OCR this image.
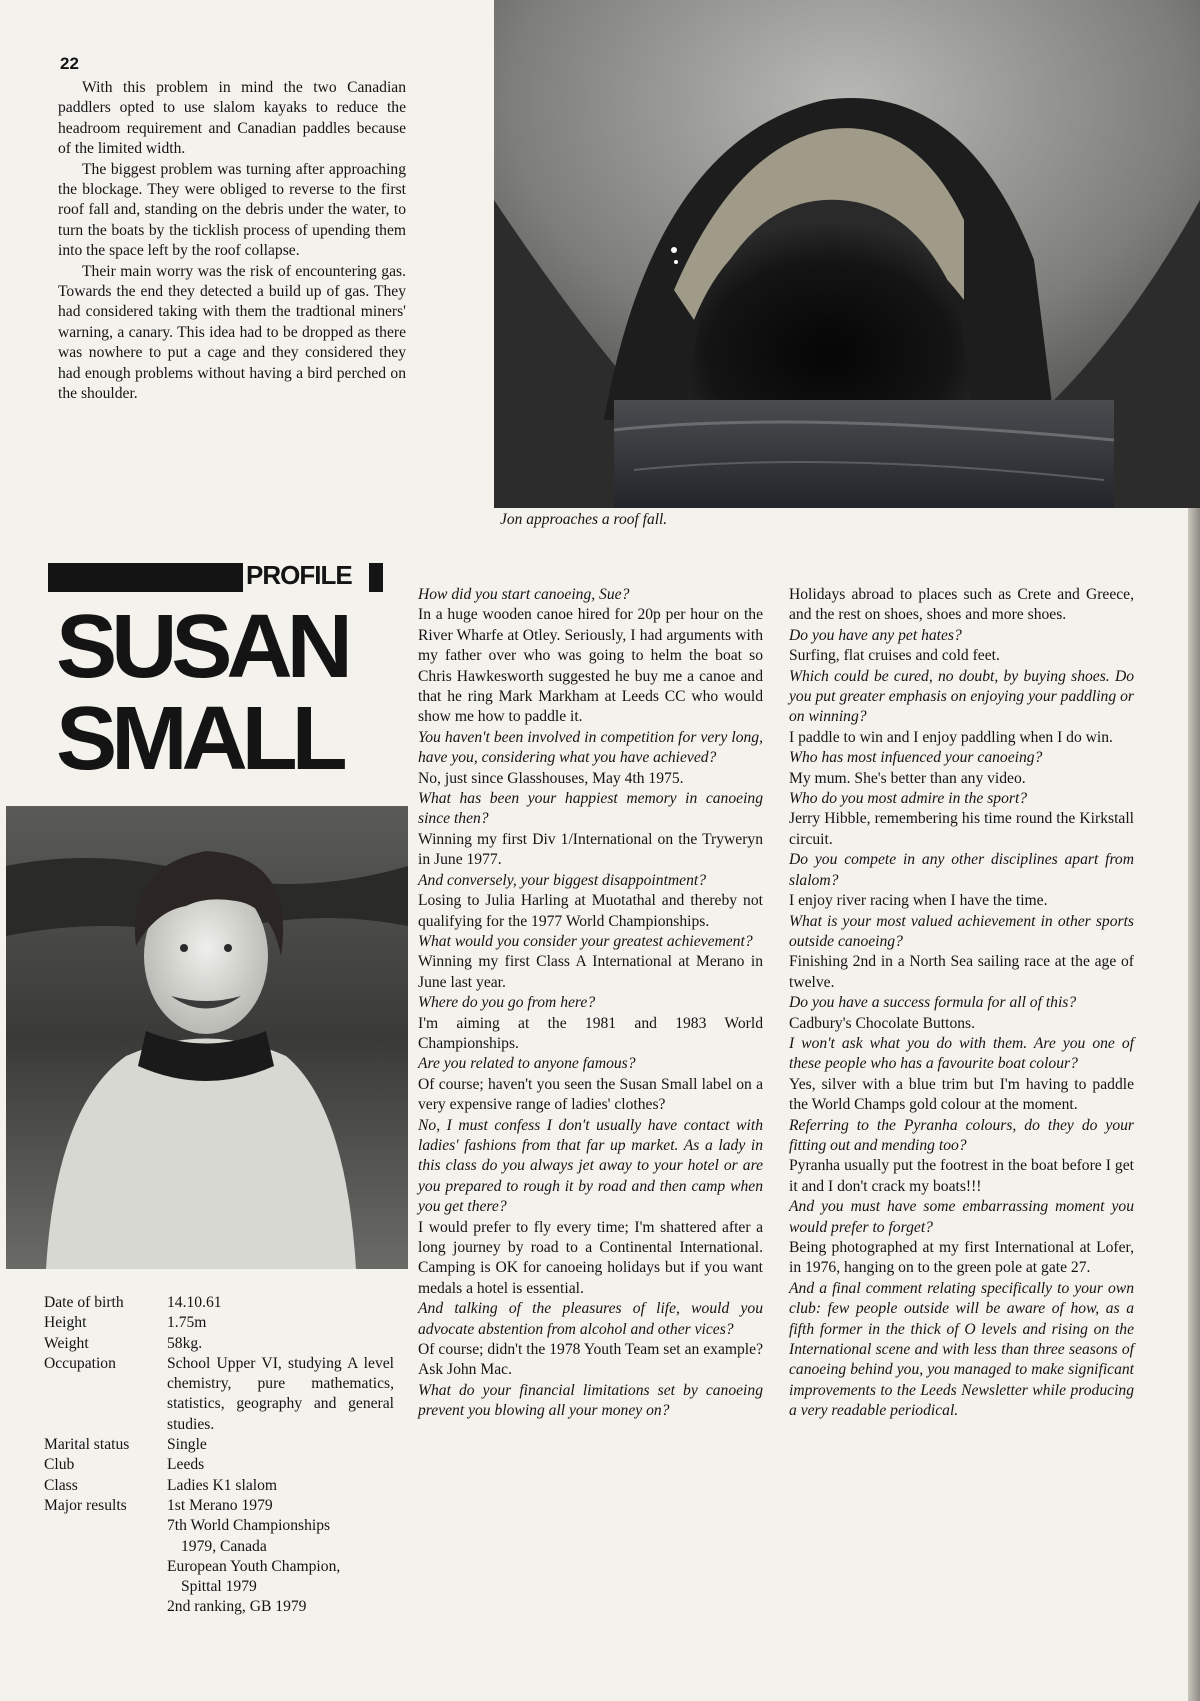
22

With this problem in mind the two Canadian paddlers opted to use slalom kayaks to reduce the headroom requirement and Canadian paddles because of the limited width.

The biggest problem was turning after approaching the blockage. They were obliged to reverse to the first roof fall and, standing on the debris under the water, to turn the boats by the ticklish process of upending them into the space left by the roof collapse.

Their main worry was the risk of encountering gas. Towards the end they detected a build up of gas. They had considered taking with them the tradtional miners' warning, a canary. This idea had to be dropped as there was nowhere to put a cage and they considered they had enough problems without having a bird perched on the shoulder.

Jon approaches a roof fall.
PROFILE
SUSAN
SMALL
Date of birth	14.10.61
Height	1.75m
Weight	58kg.
Occupation	School Upper VI, studying A level chemistry, pure mathematics, statistics, geography and general studies.
Marital status	Single
Club	Leeds
Class	Ladies K1 slalom
Major results	1st Merano 1979
7th World Championships
1979, Canada
European Youth Champion,
Spittal 1979
2nd ranking, GB 1979

How did you start canoeing, Sue?

In a huge wooden canoe hired for 20p per hour on the River Wharfe at Otley. Seriously, I had arguments with my father over who was going to helm the boat so Chris Hawkesworth suggested he buy me a canoe and that he ring Mark Markham at Leeds CC who would show me how to paddle it.

You haven't been involved in competition for very long, have you, considering what you have achieved?

No, just since Glasshouses, May 4th 1975.

What has been your happiest memory in canoeing since then?

Winning my first Div 1/International on the Tryweryn in June 1977.

And conversely, your biggest disappointment?

Losing to Julia Harling at Muotathal and thereby not qualifying for the 1977 World Championships.

What would you consider your greatest achievement?

Winning my first Class A International at Merano in June last year.

Where do you go from here?

I'm aiming at the 1981 and 1983 World Championships.

Are you related to anyone famous?

Of course; haven't you seen the Susan Small label on a very expensive range of ladies' clothes?

No, I must confess I don't usually have contact with ladies' fashions from that far up market. As a lady in this class do you always jet away to your hotel or are you prepared to rough it by road and then camp when you get there?

I would prefer to fly every time; I'm shattered after a long journey by road to a Continental International. Camping is OK for canoeing holidays but if you want medals a hotel is essential.

And talking of the pleasures of life, would you advocate abstention from alcohol and other vices?

Of course; didn't the 1978 Youth Team set an example? Ask John Mac.

What do your financial limitations set by canoeing prevent you blowing all your money on?

Holidays abroad to places such as Crete and Greece, and the rest on shoes, shoes and more shoes.

Do you have any pet hates?

Surfing, flat cruises and cold feet.

Which could be cured, no doubt, by buying shoes. Do you put greater emphasis on enjoying your paddling or on winning?

I paddle to win and I enjoy paddling when I do win.

Who has most infuenced your canoeing?

My mum. She's better than any video.

Who do you most admire in the sport?

Jerry Hibble, remembering his time round the Kirkstall circuit.

Do you compete in any other disciplines apart from slalom?

I enjoy river racing when I have the time.

What is your most valued achievement in other sports outside canoeing?

Finishing 2nd in a North Sea sailing race at the age of twelve.

Do you have a success formula for all of this?

Cadbury's Chocolate Buttons.

I won't ask what you do with them. Are you one of these people who has a favourite boat colour?

Yes, silver with a blue trim but I'm having to paddle the World Champs gold colour at the moment.

Referring to the Pyranha colours, do they do your fitting out and mending too?

Pyranha usually put the footrest in the boat before I get it and I don't crack my boats!!!

And you must have some embarrassing moment you would prefer to forget?

Being photographed at my first International at Lofer, in 1976, hanging on to the green pole at gate 27.

And a final comment relating specifically to your own club: few people outside will be aware of how, as a fifth former in the thick of O levels and rising on the International scene and with less than three seasons of canoeing behind you, you managed to make significant improvements to the Leeds Newsletter while producing a very readable periodical.
